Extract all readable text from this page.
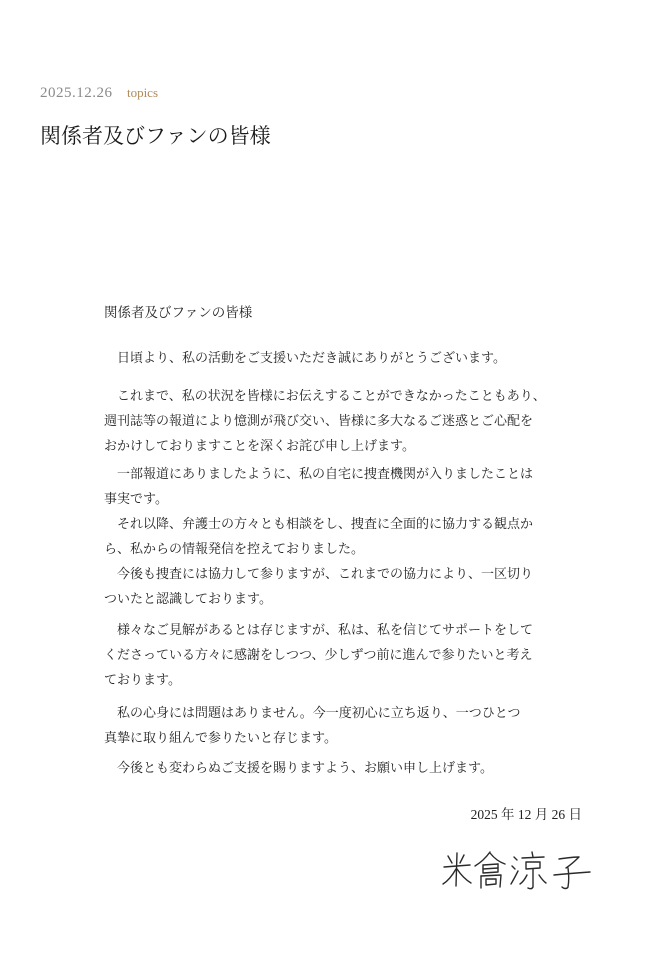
2025.12.26 topics
関係者及びファンの皆様
関係者及びファンの皆様
　日頃より、私の活動をご支援いただき誠にありがとうございます。
　これまで、私の状況を皆様にお伝えすることができなかったこともあり、
週刊誌等の報道により憶測が飛び交い、皆様に多大なるご迷惑とご心配を
おかけしておりますことを深くお詫び申し上げます。
　一部報道にありましたように、私の自宅に捜査機関が入りましたことは
事実です。
　それ以降、弁護士の方々とも相談をし、捜査に全面的に協力する観点か
ら、私からの情報発信を控えておりました。
　今後も捜査には協力して参りますが、これまでの協力により、一区切り
ついたと認識しております。
　様々なご見解があるとは存じますが、私は、私を信じてサポートをして
くださっている方々に感謝をしつつ、少しずつ前に進んで参りたいと考え
ております。
　私の心身には問題はありません。今一度初心に立ち返り、一つひとつ
真摯に取り組んで参りたいと存じます。
　今後とも変わらぬご支援を賜りますよう、お願い申し上げます。
2025 年 12 月 26 日
